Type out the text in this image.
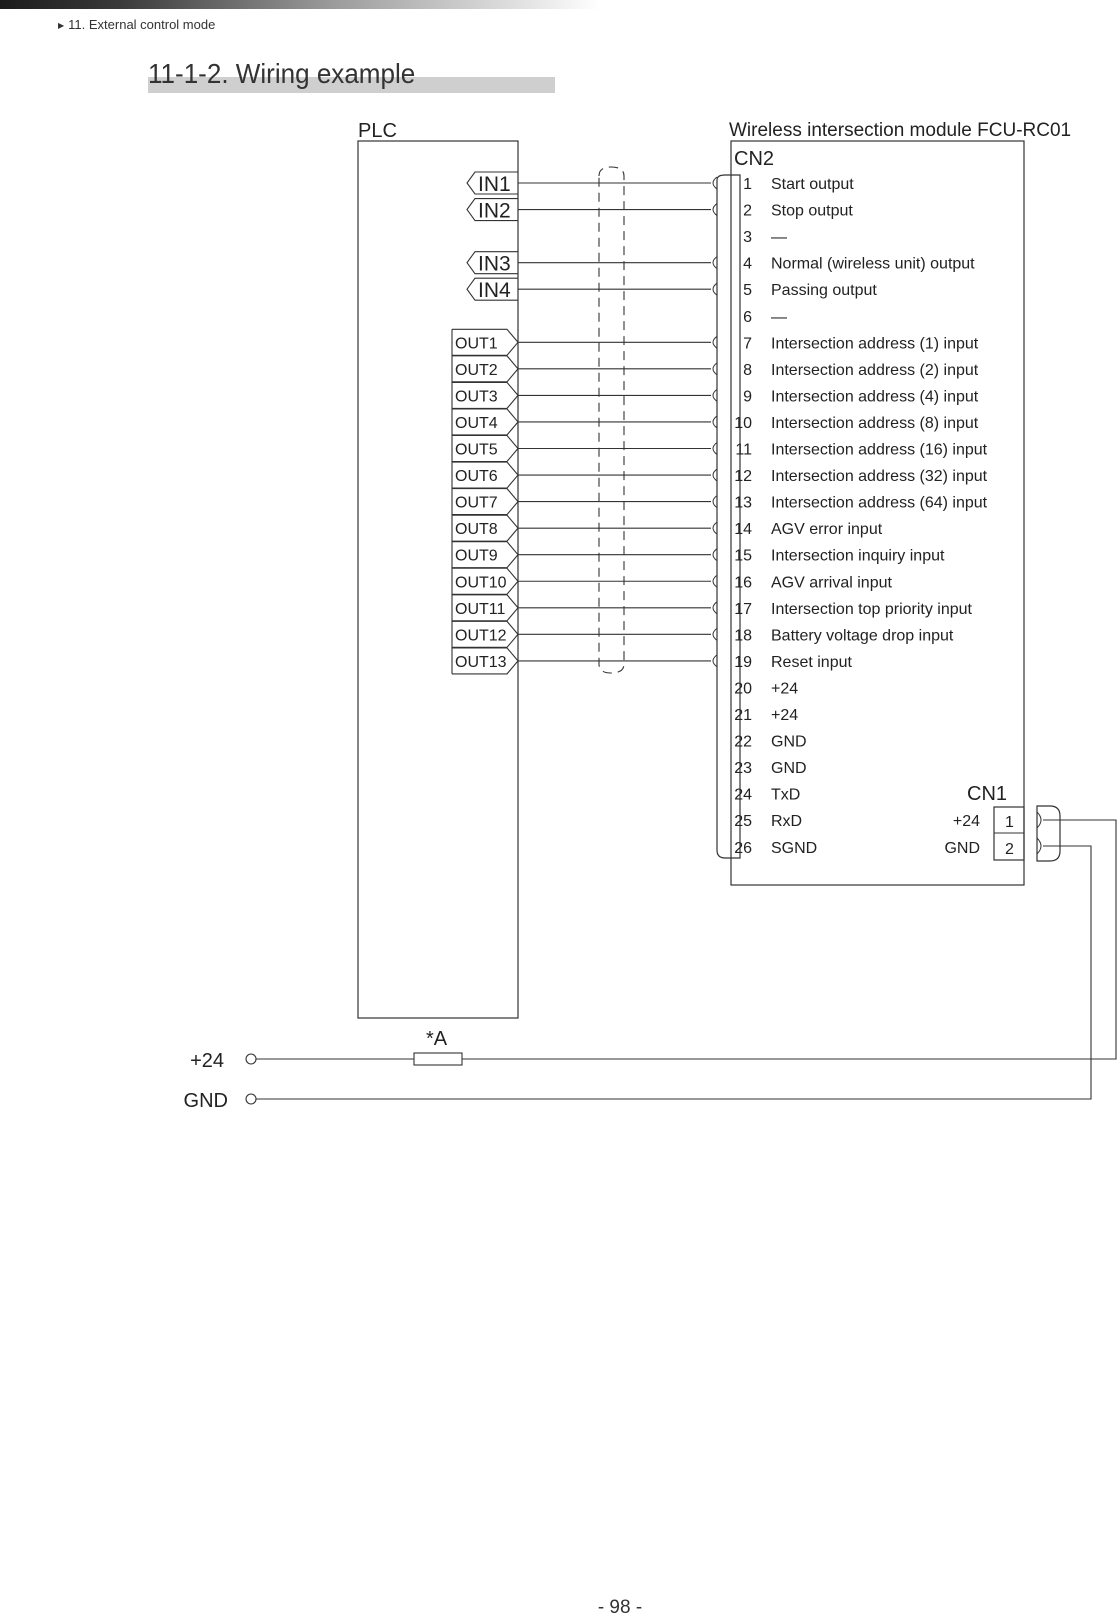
▶ 11. External control mode
11-1-2. Wiring example
PLC	Wireless intersection module FCU-RC01
CN2
IN1
IN2
IN3
IN4
OUT1
OUT2
OUT3
OUT4
OUT5
OUT6
OUT7
OUT8
OUT9
OUT10
OUT11
OUT12
OUT13
1 Start output
2 Stop output
3 —
4 Normal (wireless unit) output
5 Passing output
6 —
7 Intersection address (1) input
8 Intersection address (2) input
9 Intersection address (4) input
10 Intersection address (8) input
11 Intersection address (16) input
12 Intersection address (32) input
13 Intersection address (64) input
14 AGV error input
15 Intersection inquiry input
16 AGV arrival input
17 Intersection top priority input
18 Battery voltage drop input
19 Reset input
20 +24
21 +24
22 GND
23 GND
24 TxD
25 RxD
26 SGND
CN1
1
2
+24
GND
*A
+24
GND
- 98 -
